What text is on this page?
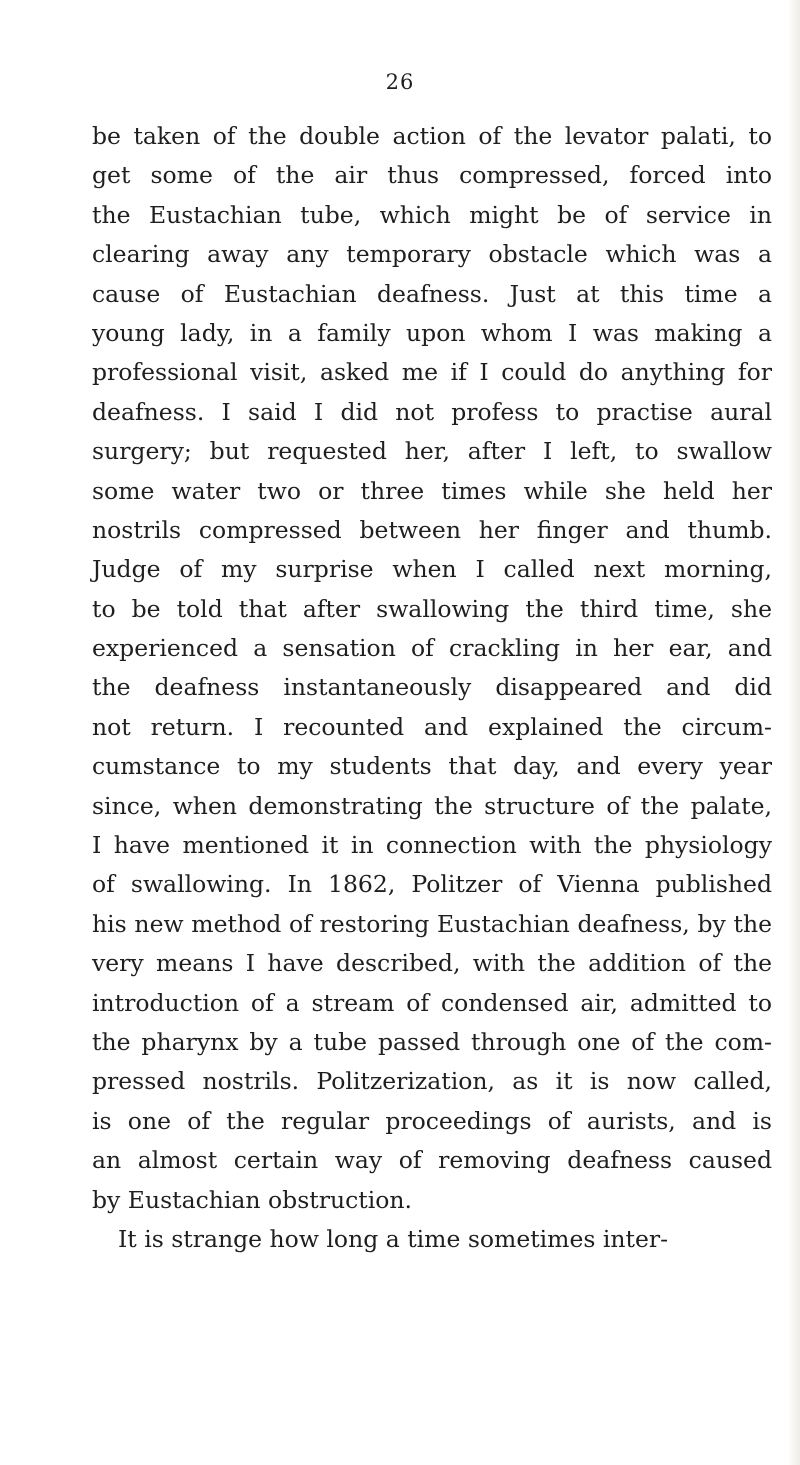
26
be taken of the double action of the levator palati, to
get some of the air thus compressed, forced into
the Eustachian tube, which might be of service in
clearing away any temporary obstacle which was a
cause of Eustachian deafness. Just at this time a
young lady, in a family upon whom I was making a
professional visit, asked me if I could do anything for
deafness. I said I did not profess to practise aural
surgery; but requested her, after I left, to swallow
some water two or three times while she held her
nostrils compressed between her finger and thumb.
Judge of my surprise when I called next morning,
to be told that after swallowing the third time, she
experienced a sensation of crackling in her ear, and
the deafness instantaneously disappeared and did
not return. I recounted and explained the circum-
cumstance to my students that day, and every year
since, when demonstrating the structure of the palate,
I have mentioned it in connection with the physiology
of swallowing. In 1862, Politzer of Vienna published
his new method of restoring Eustachian deafness, by the
very means I have described, with the addition of the
introduction of a stream of condensed air, admitted to
the pharynx by a tube passed through one of the com-
pressed nostrils. Politzerization, as it is now called,
is one of the regular proceedings of aurists, and is
an almost certain way of removing deafness caused
by Eustachian obstruction.
It is strange how long a time sometimes inter-
